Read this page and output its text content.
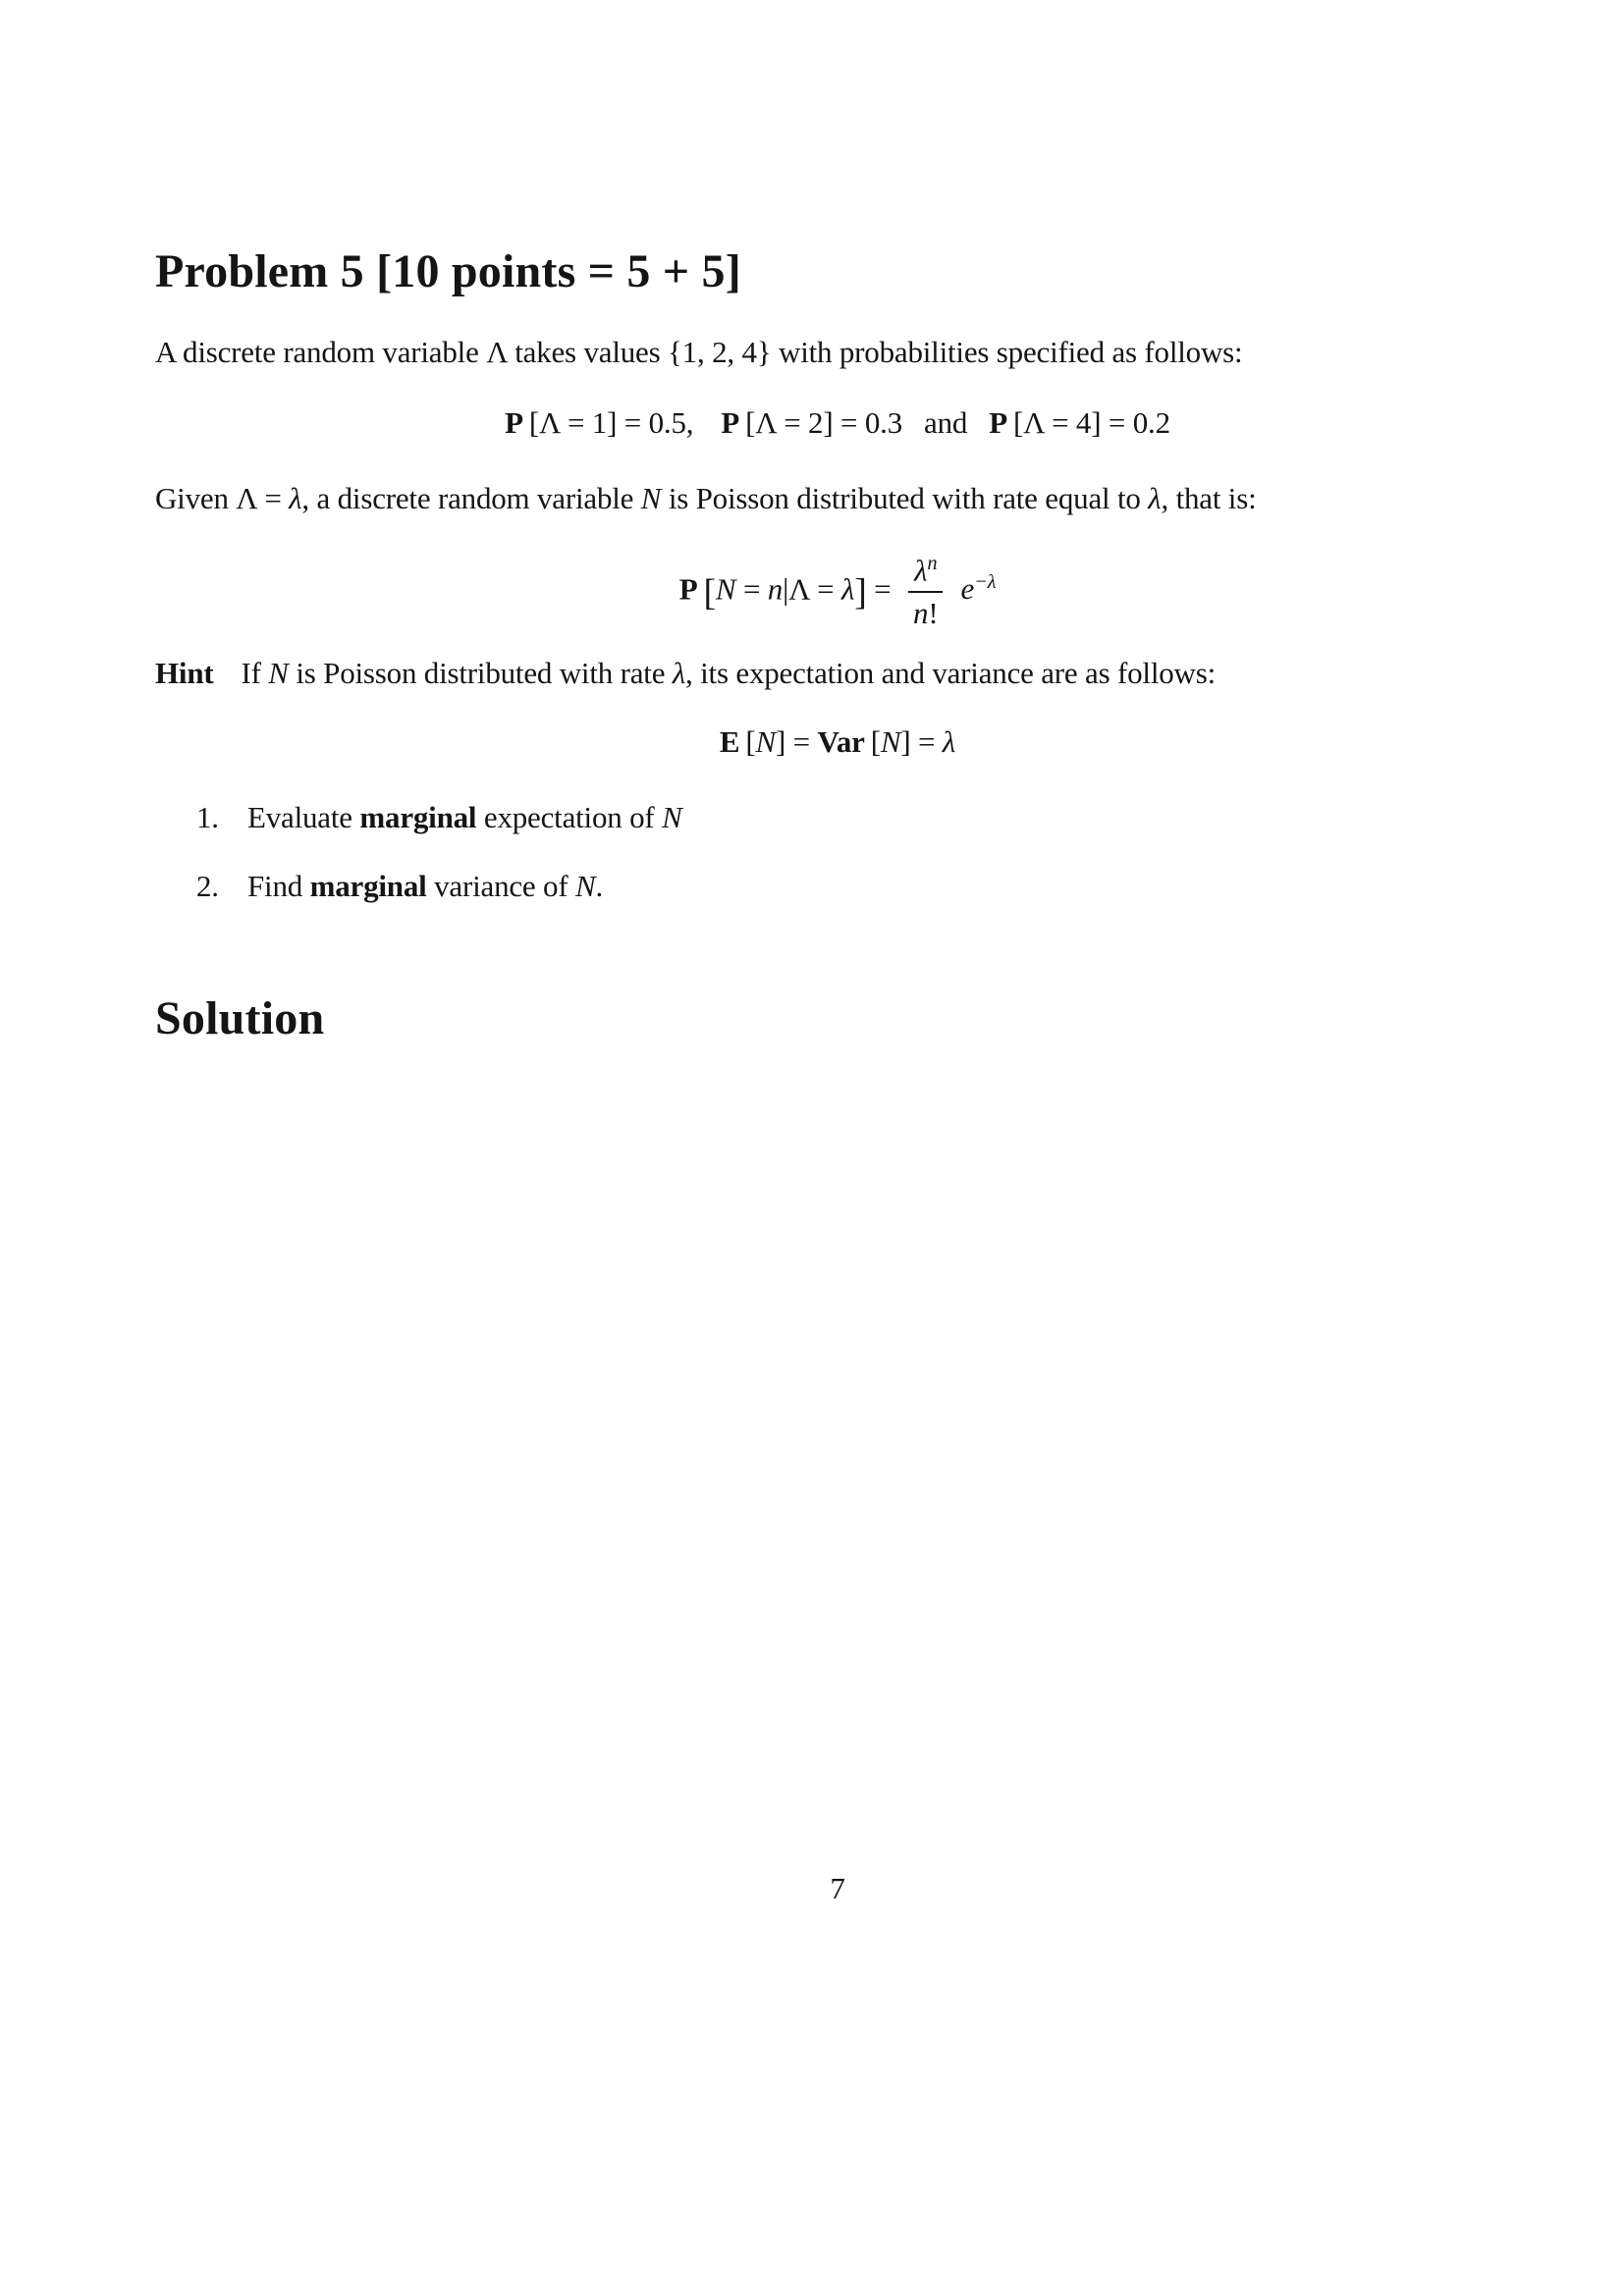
Problem 5 [10 points = 5 + 5]
A discrete random variable Λ takes values {1, 2, 4} with probabilities specified as follows:
P [Λ = 1] = 0.5, P [Λ = 2] = 0.3 and P [Λ = 4] = 0.2
Given Λ = λ, a discrete random variable N is Poisson distributed with rate equal to λ, that is:
P $[N = n|\Lambda = \lambda] = \frac{\lambda^n}{n!} e^{-\lambda}$
Hint If N is Poisson distributed with rate λ, its expectation and variance are as follows:
E [N] = Var [N] = λ
1. Evaluate marginal expectation of N
2. Find marginal variance of N.
Solution
7
